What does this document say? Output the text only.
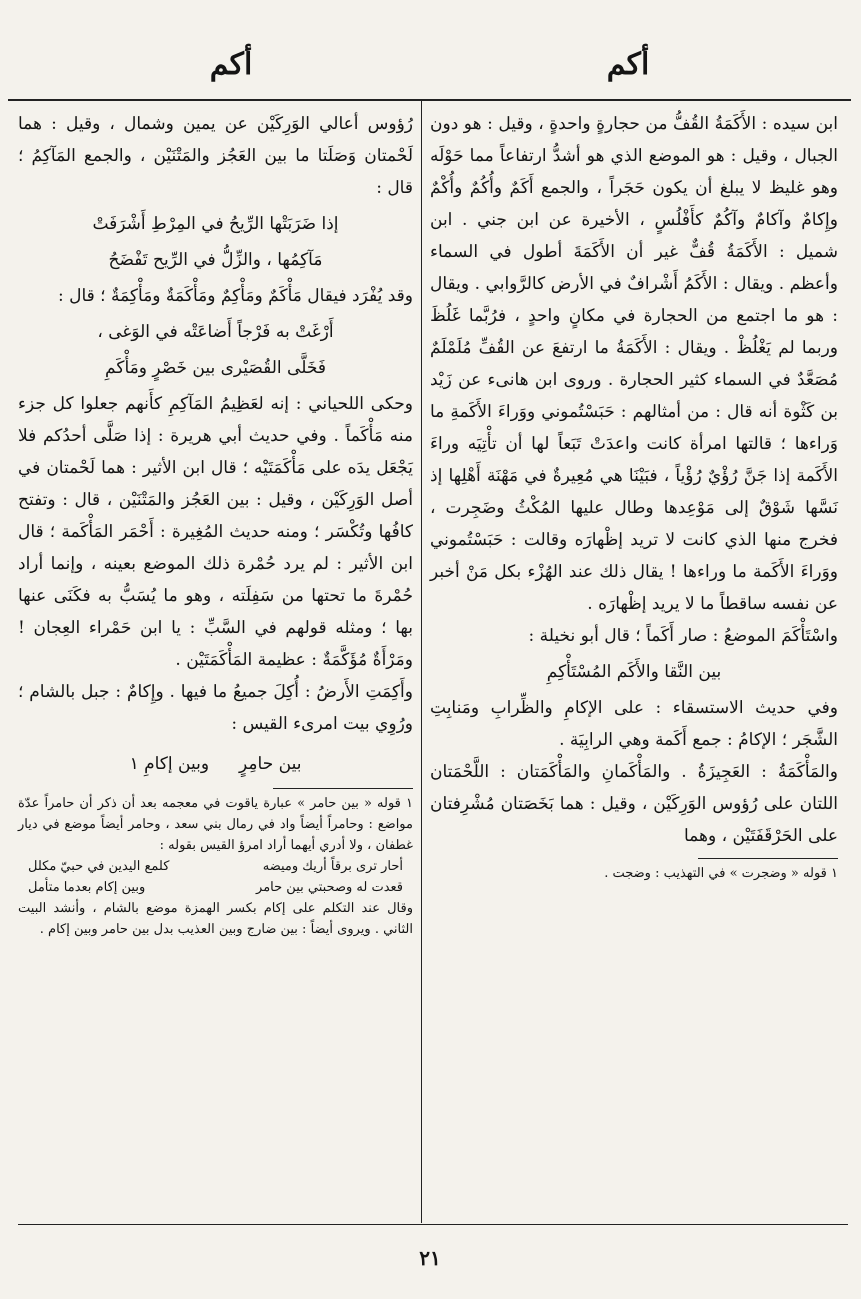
أكم
أكم

ابن سيده : الأَكَمَةُ القُفُّ من حجارةٍ واحدةٍ ، وقيل : هو دون الجبال ، وقيل : هو الموضع الذي هو أشدُّ ارتفاعاً مما حَوْلَه وهو غليظ لا يبلغ أن يكون حَجَراً ، والجمع أَكَمٌ وأُكُمٌ وأُكْمٌ وإِكامٌ وآكامٌ وآكُمٌ كأَفْلُسٍ ، الأخيرة عن ابن جني . ابن شميل : الأَكَمَةُ قُفٌّ غير أن الأَكَمَةَ أطول في السماء وأعظم . ويقال : الأَكَمُ أَشْرافٌ في الأرض كالرَّوابي . ويقال : هو ما اجتمع من الحجارة في مكانٍ واحدٍ ، فرُبَّما غَلُظَ وربما لم يَغْلُظْ . ويقال : الأَكَمَةُ ما ارتفعَ عن القُفِّ مُلَمْلَمٌ مُصَعَّدٌ في السماء كثير الحجارة . وروى ابن هانىء عن زَيْد بن كَثْوة أنه قال : من أمثالهم : حَبَسْتُموني ووَراءَ الأَكَمةِ ما وَراءها ؛ قالتها امرأة كانت واعدَتْ تَبَعاً لها أن تأْتِيَه وراءَ الأَكَمة إذا جَنَّ رُؤْيٌ رُؤْياً ، فبَيْنَا هي مُعِيرةٌ في مَهْنَة أَهْلِها إذ نَسَّها شَوْقٌ إلى مَوْعِدها وطال عليها المُكْثُ وضَجِرت ، فخرج منها الذي كانت لا تريد إظْهارَه وقالت : حَبَسْتُموني ووَراءَ الأَكَمة ما وراءها ! يقال ذلك عند الهُزْء بكل مَنْ أخبر عن نفسه ساقطاً ما لا يريد إظْهارَه .

واسْتَأْكَمَ الموضعُ : صار أَكَماً ؛ قال أبو نخيلة :

بين النَّقا والأَكَم المُسْتَأْكِمِ

وفي حديث الاستسقاء : على الإكامِ والظِّرابِ ومَنابِتِ الشَّجَر ؛ الإكامُ : جمع أَكَمة وهي الرابِيَة .

والمَأْكَمَةُ : العَجِيزَةُ . والمَأْكَمانِ والمَأْكَمَتان : اللَّحْمَتان اللتان على رُؤوس الوَرِكَيْن ، وقيل : هما بَخَصَتان مُشْرِفتان على الحَرْقَفَتَيْن ، وهما

١ قوله « وضجرت » في التهذيب : وضجت .

رُؤوس أعالي الوَرِكَيْن عن يمين وشمال ، وقيل : هما لَحْمتان وَصَلَتا ما بين العَجُز والمَتْنَيْن ، والجمع المَآكِمُ ؛ قال :

إذا ضَرَبَتْها الرِّيحُ في المِرْطِ أَشْرَفَتْ
مَآكِمُها ، والزِّلُّ في الرِّيح تَفْضَحُ

وقد يُفْرَد فيقال مَأْكَمٌ ومَأْكِمٌ ومَأْكَمَةٌ ومَأْكِمَةٌ ؛ قال :

أَرْغَتْ به فَرْجاً أَضاعَتْه في الوَغى ،
فَخَلَّى القُصَيْرى بين خَصْرٍ ومَأْكَمِ

وحكى اللحياني : إنه لعَظِيمُ المَآكِمِ كأَنهم جعلوا كل جزء منه مَأْكَماً . وفي حديث أبي هريرة : إذا صَلَّى أحدُكم فلا يَجْعَل يدَه على مَأْكَمَتَيْه ؛ قال ابن الأثير : هما لَحْمتان في أصل الوَرِكَيْن ، وقيل : بين العَجُز والمَتْنَيْن ، قال : وتفتح كافُها وتُكْسَر ؛ ومنه حديث المُغِيرة : أَحْمَر المَأْكَمة ؛ قال ابن الأثير : لم يرد حُمْرة ذلك الموضع بعينه ، وإنما أراد حُمْرةَ ما تحتها من سَفِلَته ، وهو ما يُسَبُّ به فكَنَى عنها بها ؛ ومثله قولهم في السَّبِّ : يا ابن حَمْراء العِجان ! ومَرْأَةٌ مُؤَكَّمَةٌ : عظيمة المَأْكَمَتَيْن .

وأَكِمَتِ الأَرضُ : أُكِلَ جميعُ ما فيها . وإِكامٌ : جبل بالشام ؛ ورُوِي بيت امرىء القيس :

بين حامِرٍ
وبين إكامِ ١
١ قوله « بين حامر » عبارة ياقوت في معجمه بعد أن ذكر أن حامراً عدّة مواضع : وحامراً أيضاً واد في رمال بني سعد ، وحامر أيضاً موضع في ديار غطفان ، ولا أدري أيهما أراد امرؤ القيس بقوله :
أحار ترى برقاً أريك وميضه
كلمع اليدين في حبيّ مكلل
قعدت له وصحبتي بين حامر
وبين إكام بعدما متأمل
وقال عند التكلم على إكام بكسر الهمزة موضع بالشام ، وأنشد البيت الثاني . ويروى أيضاً : بين ضارج وبين العذيب بدل بين حامر وبين إكام .
٢١
